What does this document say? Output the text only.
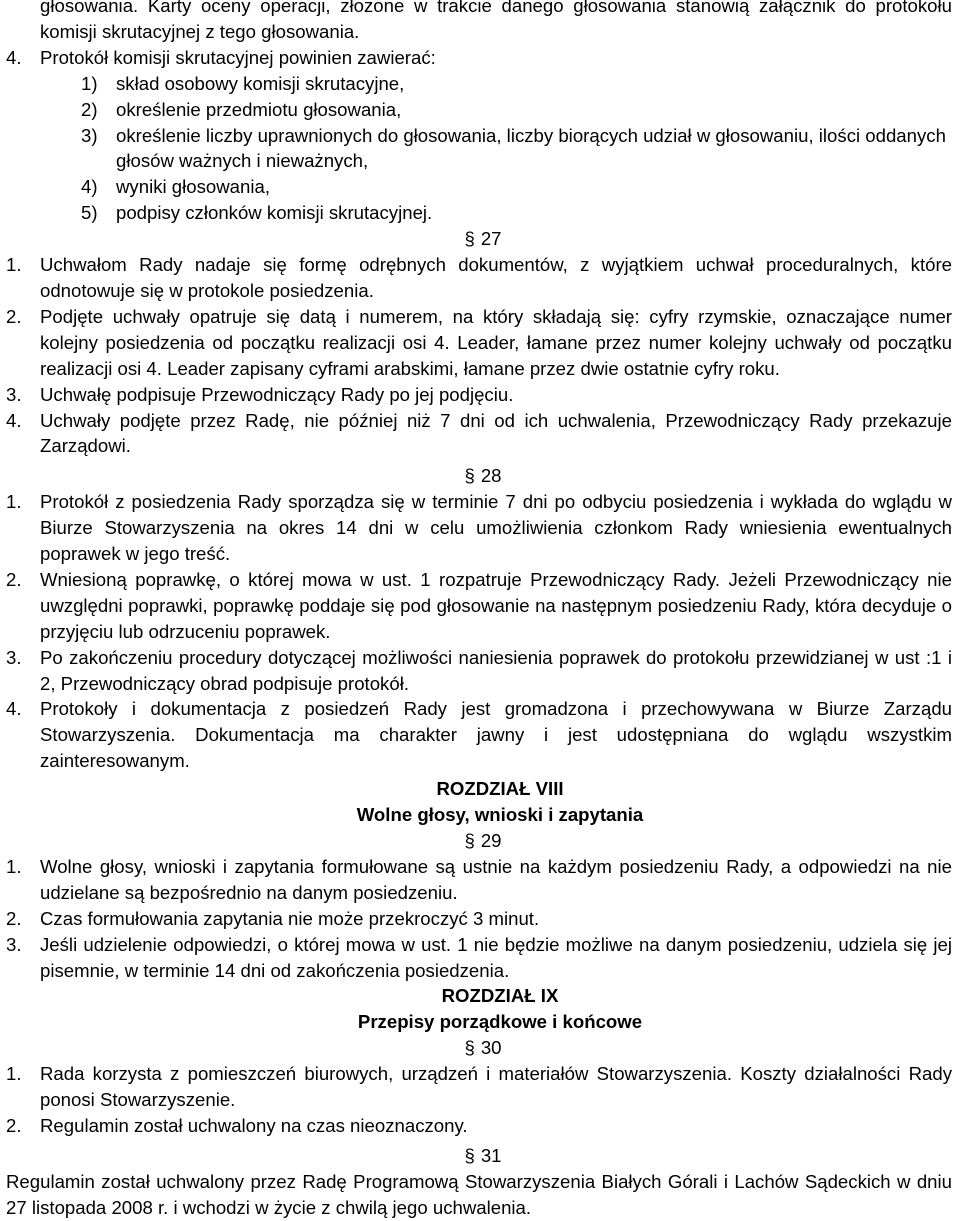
głosowania. Karty oceny operacji, złożone w trakcie danego głosowania stanowią załącznik do protokołu komisji skrutacyjnej z tego głosowania.
4. Protokół komisji skrutacyjnej powinien zawierać:
1) skład osobowy komisji skrutacyjne,
2) określenie przedmiotu głosowania,
3) określenie liczby uprawnionych do głosowania, liczby biorących udział w głosowaniu, ilości oddanych głosów ważnych i nieważnych,
4) wyniki głosowania,
5) podpisy członków komisji skrutacyjnej.
§ 27
1. Uchwałom Rady nadaje się formę odrębnych dokumentów, z wyjątkiem uchwał proceduralnych, które odnotowuje się w protokole posiedzenia.
2. Podjęte uchwały opatruje się datą i numerem, na który składają się: cyfry rzymskie, oznaczające numer kolejny posiedzenia od początku realizacji osi 4. Leader, łamane przez numer kolejny uchwały od początku realizacji osi 4. Leader zapisany cyframi arabskimi, łamane przez dwie ostatnie cyfry roku.
3. Uchwałę podpisuje Przewodniczący Rady po jej podjęciu.
4. Uchwały podjęte przez Radę, nie później niż 7 dni od ich uchwalenia, Przewodniczący Rady przekazuje Zarządowi.
§ 28
1. Protokół z posiedzenia Rady sporządza się w terminie 7 dni po odbyciu posiedzenia i wykłada do wglądu w Biurze Stowarzyszenia na okres 14 dni w celu umożliwienia członkom Rady wniesienia ewentualnych poprawek w jego treść.
2. Wniesioną poprawkę, o której mowa w ust. 1 rozpatruje Przewodniczący Rady. Jeżeli Przewodniczący nie uwzględni poprawki, poprawkę poddaje się pod głosowanie na następnym posiedzeniu Rady, która decyduje o przyjęciu lub odrzuceniu poprawek.
3. Po zakończeniu procedury dotyczącej możliwości naniesienia poprawek do protokołu przewidzianej w ust :1 i 2, Przewodniczący obrad podpisuje protokół.
4. Protokoły i dokumentacja z posiedzeń Rady jest gromadzona i przechowywana w Biurze Zarządu Stowarzyszenia. Dokumentacja ma charakter jawny i jest udostępniana do wglądu wszystkim zainteresowanym.
ROZDZIAŁ VIII
Wolne głosy, wnioski i zapytania
§ 29
1. Wolne głosy, wnioski i zapytania formułowane są ustnie na każdym posiedzeniu Rady, a odpowiedzi na nie udzielane są bezpośrednio na danym posiedzeniu.
2. Czas formułowania zapytania nie może przekroczyć 3 minut.
3. Jeśli udzielenie odpowiedzi, o której mowa w ust. 1 nie będzie możliwe na danym posiedzeniu, udziela się jej pisemnie, w terminie 14 dni od zakończenia posiedzenia.
ROZDZIAŁ IX
Przepisy porządkowe i końcowe
§ 30
1. Rada korzysta z pomieszczeń biurowych, urządzeń i materiałów Stowarzyszenia. Koszty działalności Rady ponosi Stowarzyszenie.
2. Regulamin został uchwalony na czas nieoznaczony.
§ 31
Regulamin został uchwalony przez Radę Programową Stowarzyszenia Białych Górali i Lachów Sądeckich w dniu 27 listopada 2008 r. i wchodzi w życie z chwilą jego uchwalenia.
